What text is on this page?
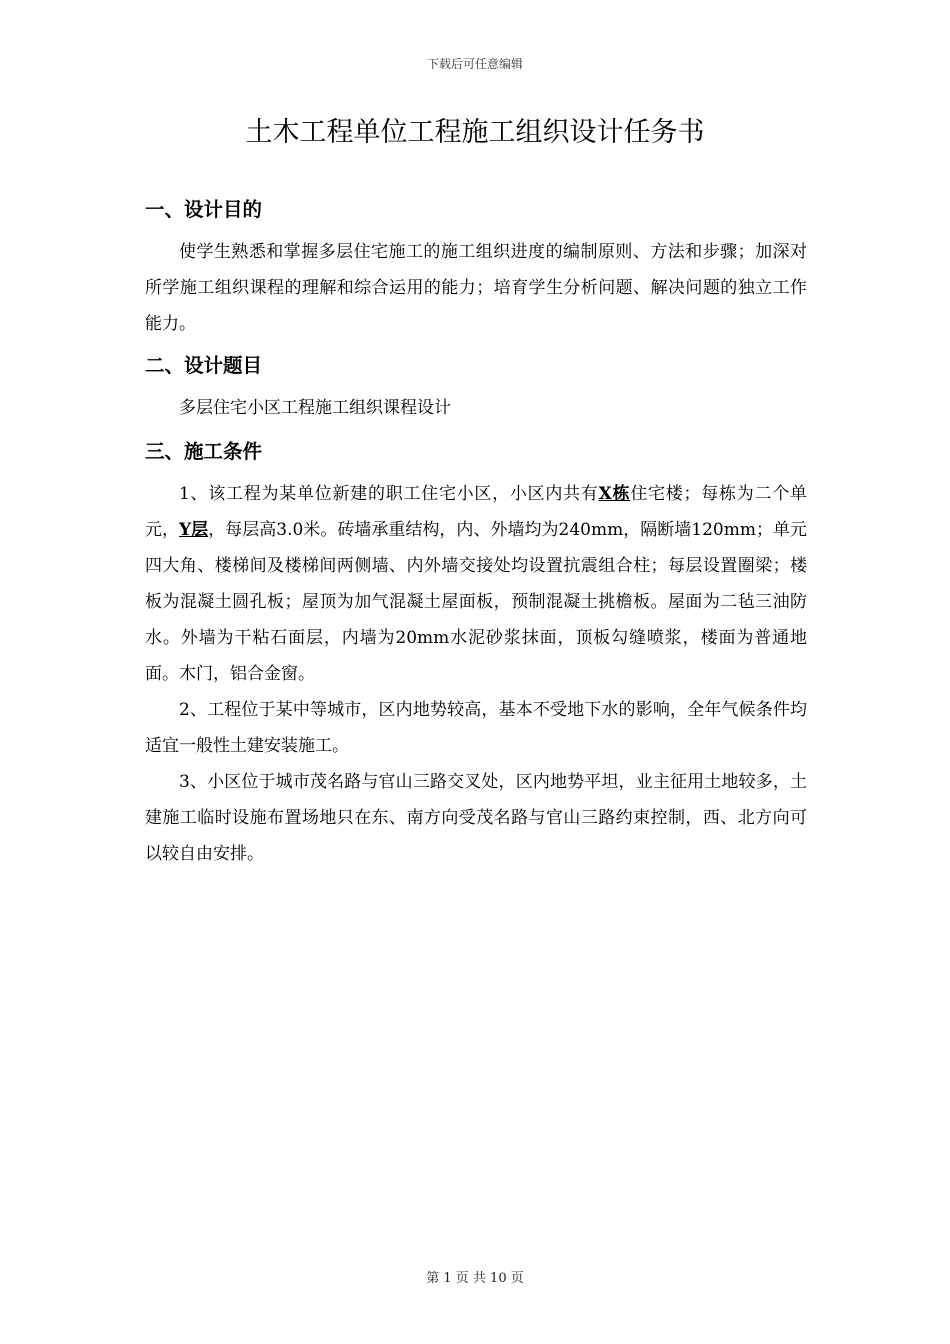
下载后可任意编辑
土木工程单位工程施工组织设计任务书
一、设计目的

使学生熟悉和掌握多层住宅施工的施工组织进度的编制原则、方法和步骤；加深对所学施工组织课程的理解和综合运用的能力；培育学生分析问题、解决问题的独立工作能力。

二、设计题目

多层住宅小区工程施工组织课程设计

三、施工条件

1、该工程为某单位新建的职工住宅小区，小区内共有X栋住宅楼；每栋为二个单元，Y层，每层高3.0米。砖墙承重结构，内、外墙均为240mm，隔断墙120mm；单元四大角、楼梯间及楼梯间两侧墙、内外墙交接处均设置抗震组合柱；每层设置圈梁；楼板为混凝土圆孔板；屋顶为加气混凝土屋面板，预制混凝土挑檐板。屋面为二毡三油防水。外墙为干粘石面层，内墙为20mm水泥砂浆抹面，顶板勾缝喷浆，楼面为普通地面。木门，铝合金窗。

2、工程位于某中等城市，区内地势较高，基本不受地下水的影响，全年气候条件均适宜一般性土建安装施工。

3、小区位于城市茂名路与官山三路交叉处，区内地势平坦，业主征用土地较多，土建施工临时设施布置场地只在东、南方向受茂名路与官山三路约束控制，西、北方向可以较自由安排。

第 1 页 共 10 页
